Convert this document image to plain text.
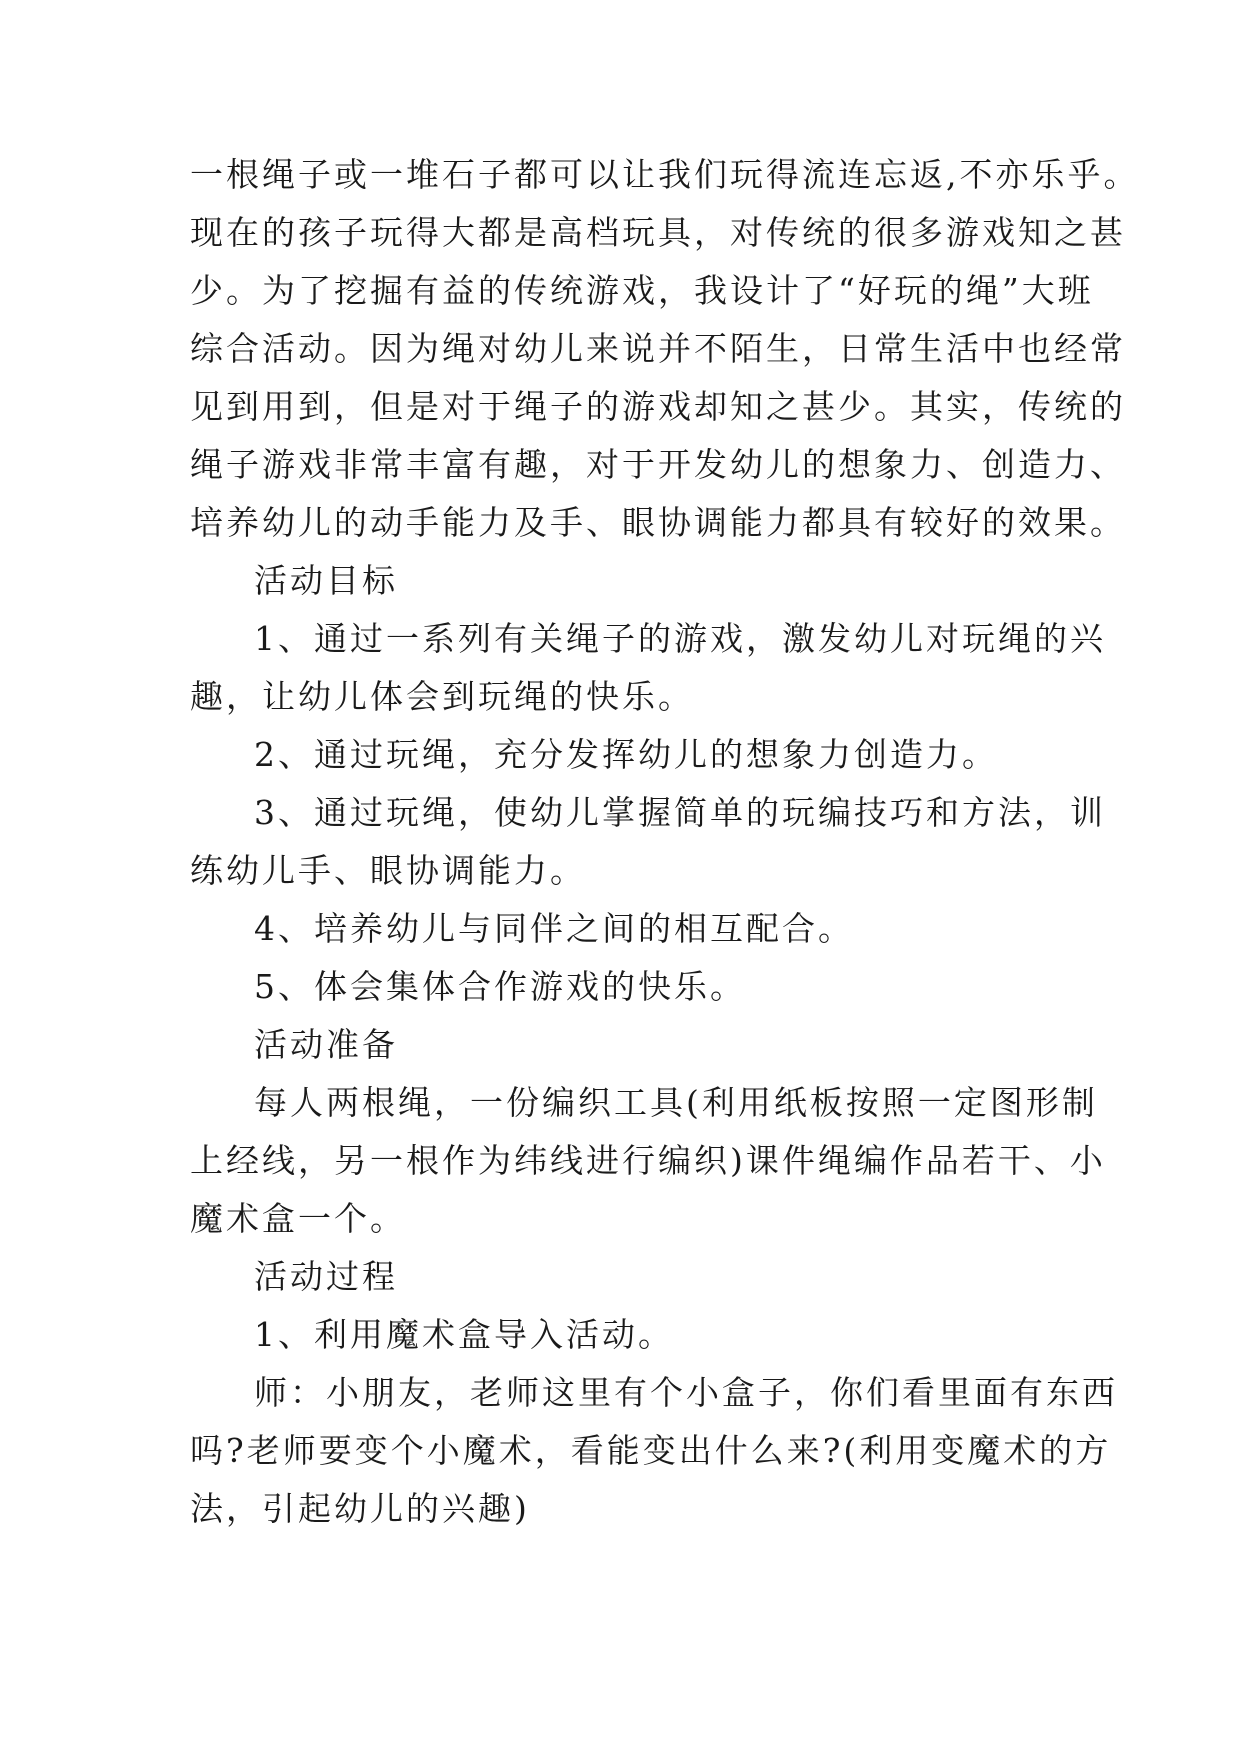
一根绳子或一堆石子都可以让我们玩得流连忘返,不亦乐乎。
现在的孩子玩得大都是高档玩具，对传统的很多游戏知之甚
少。为了挖掘有益的传统游戏，我设计了“好玩的绳”大班
综合活动。因为绳对幼儿来说并不陌生，日常生活中也经常
见到用到，但是对于绳子的游戏却知之甚少。其实，传统的
绳子游戏非常丰富有趣，对于开发幼儿的想象力、创造力、
培养幼儿的动手能力及手、眼协调能力都具有较好的效果。
活动目标
1、通过一系列有关绳子的游戏，激发幼儿对玩绳的兴
趣，让幼儿体会到玩绳的快乐。
2、通过玩绳，充分发挥幼儿的想象力创造力。
3、通过玩绳，使幼儿掌握简单的玩编技巧和方法，训
练幼儿手、眼协调能力。
4、培养幼儿与同伴之间的相互配合。
5、体会集体合作游戏的快乐。
活动准备
每人两根绳，一份编织工具(利用纸板按照一定图形制
上经线，另一根作为纬线进行编织)课件绳编作品若干、小
魔术盒一个。
活动过程
1、利用魔术盒导入活动。
师：小朋友，老师这里有个小盒子，你们看里面有东西
吗?老师要变个小魔术，看能变出什么来?(利用变魔术的方
法，引起幼儿的兴趣)
